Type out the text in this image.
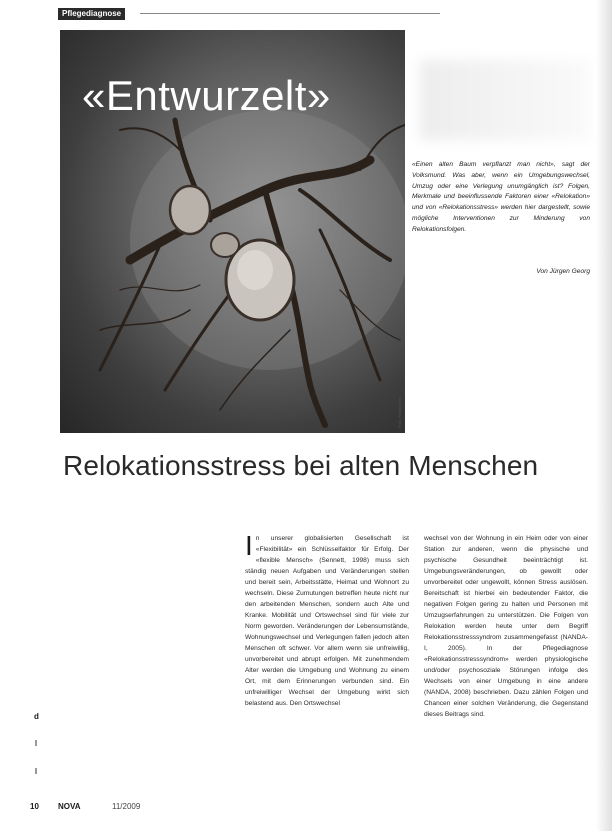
Pflegediagnose
«Entwurzelt»
Foto: Fotolia.com
«Einen alten Baum verpflanzt man nicht», sagt der Volksmund. Was aber, wenn ein Umgebungswechsel, Umzug oder eine Verlegung unumgänglich ist? Folgen, Merkmale und beeinflussende Faktoren einer «Relokation» und von «Relokationsstress» werden hier dargestellt, sowie mögliche Interventionen zur Minderung von Relokationsfolgen.
Von Jürgen Georg
Relokationsstress bei alten Menschen
In unserer globalisierten Gesellschaft ist «Flexibilität» ein Schlüsselfaktor für Erfolg. Der «flexible Mensch» (Sennett, 1998) muss sich ständig neuen Aufgaben und Veränderungen stellen und bereit sein, Arbeitsstätte, Heimat und Wohnort zu wechseln. Diese Zumutungen betreffen heute nicht nur den arbeitenden Menschen, sondern auch Alte und Kranke. Mobilität und Ortswechsel sind für viele zur Norm geworden. Veränderungen der Lebensumstände, Wohnungswechsel und Verlegungen fallen jedoch alten Menschen oft schwer. Vor allem wenn sie unfreiwillig, unvorbereitet und abrupt erfolgen. Mit zunehmendem Alter werden die Umgebung und Wohnung zu einem Ort, mit dem Erinnerungen verbunden sind. Ein unfreiwilliger Wechsel der Umgebung wirkt sich belastend aus. Den Ortswechsel
wechsel von der Wohnung in ein Heim oder von einer Station zur anderen, wenn die physische und psychische Gesundheit beeinträchtigt ist. Umgebungsveränderungen, ob gewollt oder unvorbereitet oder ungewollt, können Stress auslösen. Bereitschaft ist hierbei ein bedeutender Faktor, die negativen Folgen gering zu halten und Personen mit Umzugserfahrungen zu unterstützen. Die Folgen von Relokation werden heute unter dem Begriff Relokationsstresssyndrom zusammengefasst (NANDA-I, 2005). In der Pflegediagnose «Relokationsstresssyndrom» werden physiologische und/oder psychosoziale Störungen infolge des Wechsels von einer Umgebung in eine andere (NANDA, 2008) beschrieben. Dazu zählen Folgen und Chancen einer solchen Veränderung, die Gegenstand dieses Beitrags sind.
d
10 NOVA	11/2009
